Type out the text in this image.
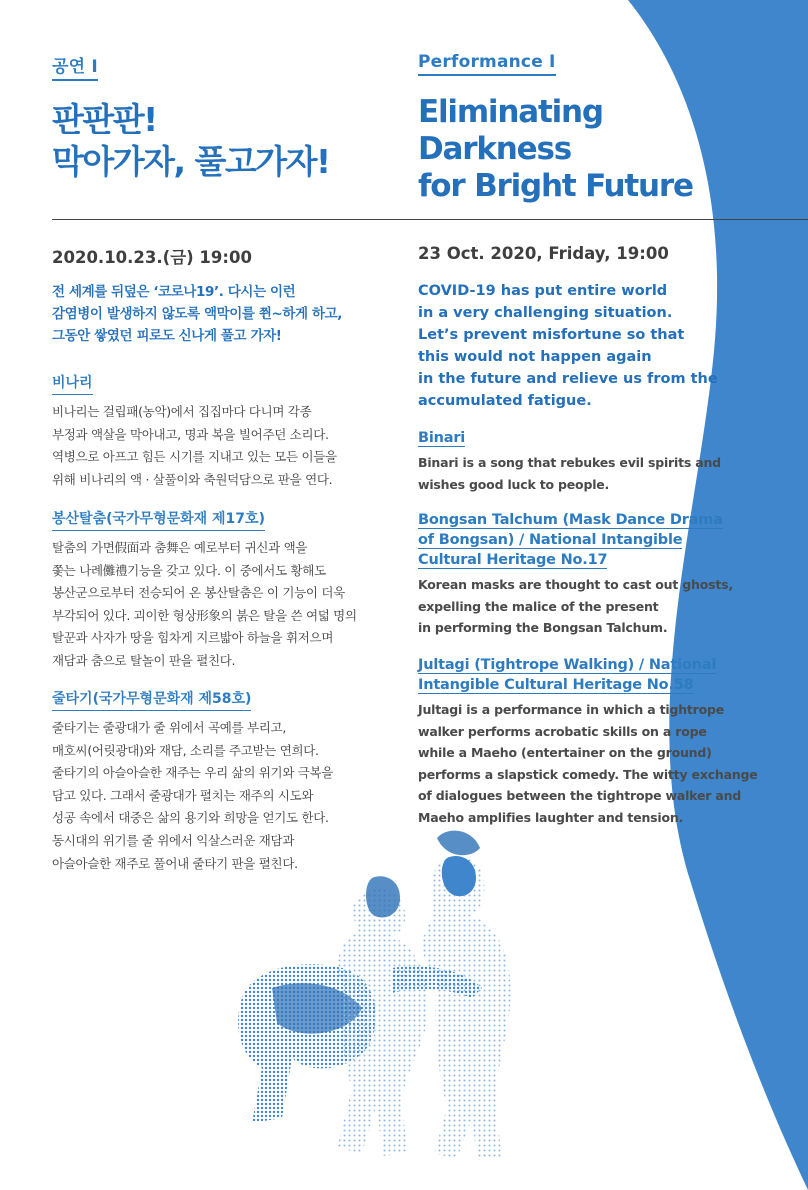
공연 I
판판판!
막아가자, 풀고가자!
Performance I
Eliminating
Darkness
for Bright Future
2020.10.23.(금) 19:00	23 Oct. 2020, Friday, 19:00
전 세계를 뒤덮은 ‘코로나19’. 다시는 이런
감염병이 발생하지 않도록 액막이를 쮠~하게 하고,
그동안 쌓였던 피로도 신나게 풀고 가자!
COVID-19 has put entire world
in a very challenging situation.
Let’s prevent misfortune so that
this would not happen again
in the future and relieve us from the
accumulated fatigue.
비나리
비나리는 걸립패(농악)에서 집집마다 다니며 각종
부정과 액살을 막아내고, 명과 복을 빌어주던 소리다.
역병으로 아프고 힘든 시기를 지내고 있는 모든 이들을
위해 비나리의 액 · 살풀이와 축원덕담으로 판을 연다.
봉산탈춤(국가무형문화재 제17호)
탈춤의 가면假面과 춤舞은 예로부터 귀신과 액을
쫓는 나례儺禮기능을 갖고 있다. 이 중에서도 황해도
봉산군으로부터 전승되어 온 봉산탈춤은 이 기능이 더욱
부각되어 있다. 괴이한 형상形象의 붉은 탈을 쓴 여덟 명의
탈꾼과 사자가 땅을 힘차게 지르밟아 하늘을 휘저으며
재담과 춤으로 탈놀이 판을 펼친다.
줄타기(국가무형문화재 제58호)
줄타기는 줄광대가 줄 위에서 곡예를 부리고,
매호씨(어릿광대)와 재담, 소리를 주고받는 연희다.
줄타기의 아슬아슬한 재주는 우리 삶의 위기와 극복을
담고 있다. 그래서 줄광대가 펼치는 재주의 시도와
성공 속에서 대중은 삶의 용기와 희망을 얻기도 한다.
동시대의 위기를 줄 위에서 익살스러운 재담과
아슬아슬한 재주로 풀어내 줄타기 판을 펼친다.
Binari
Binari is a song that rebukes evil spirits and
wishes good luck to people.
Bongsan Talchum (Mask Dance Drama
of Bongsan) / National Intangible
Cultural Heritage No.17
Korean masks are thought to cast out ghosts,
expelling the malice of the present
in performing the Bongsan Talchum.
Jultagi (Tightrope Walking) / National
Intangible Cultural Heritage No.58
Jultagi is a performance in which a tightrope
walker performs acrobatic skills on a rope
while a Maeho (entertainer on the ground)
performs a slapstick comedy. The witty exchange
of dialogues between the tightrope walker and
Maeho amplifies laughter and tension.
